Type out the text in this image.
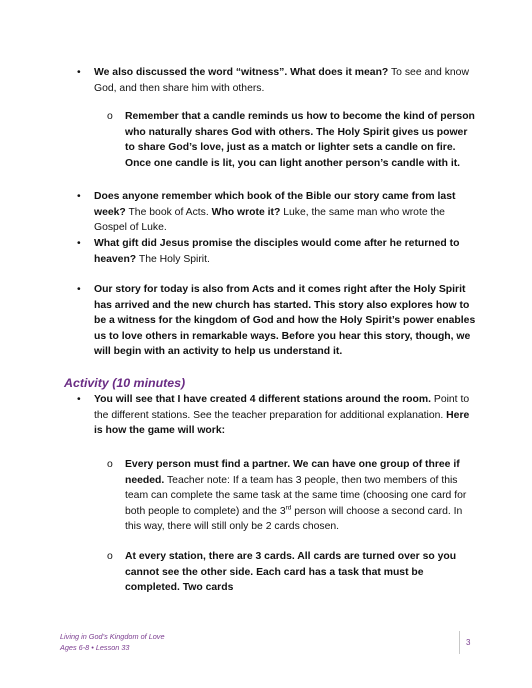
• We also discussed the word “witness”. What does it mean? To see and know God, and then share him with others.
o Remember that a candle reminds us how to become the kind of person who naturally shares God with others. The Holy Spirit gives us power to share God’s love, just as a match or lighter sets a candle on fire. Once one candle is lit, you can light another person’s candle with it.
• Does anyone remember which book of the Bible our story came from last week? The book of Acts. Who wrote it? Luke, the same man who wrote the Gospel of Luke.
• What gift did Jesus promise the disciples would come after he returned to heaven? The Holy Spirit.
• Our story for today is also from Acts and it comes right after the Holy Spirit has arrived and the new church has started. This story also explores how to be a witness for the kingdom of God and how the Holy Spirit’s power enables us to love others in remarkable ways. Before you hear this story, though, we will begin with an activity to help us understand it.
Activity (10 minutes)
• You will see that I have created 4 different stations around the room. Point to the different stations. See the teacher preparation for additional explanation. Here is how the game will work:
o Every person must find a partner. We can have one group of three if needed. Teacher note: If a team has 3 people, then two members of this team can complete the same task at the same time (choosing one card for both people to complete) and the 3rd person will choose a second card. In this way, there will still only be 2 cards chosen.
o At every station, there are 3 cards. All cards are turned over so you cannot see the other side. Each card has a task that must be completed. Two cards
Living in God’s Kingdom of Love
Ages 6-8 • Lesson 33
3
